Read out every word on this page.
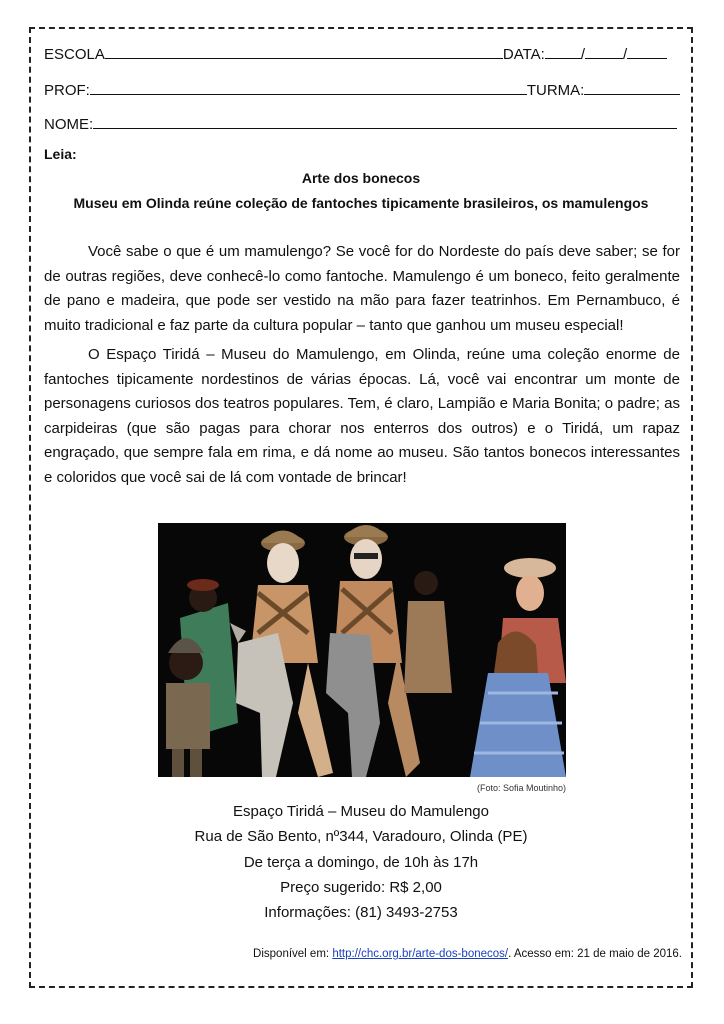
ESCOLA	DATA: /	/
PROF:	TURMA:
NOME:
Leia:
Arte dos bonecos
Museu em Olinda reúne coleção de fantoches tipicamente brasileiros, os mamulengos

Você sabe o que é um mamulengo? Se você for do Nordeste do país deve saber; se for de outras regiões, deve conhecê-lo como fantoche. Mamulengo é um boneco, feito geralmente de pano e madeira, que pode ser vestido na mão para fazer teatrinhos. Em Pernambuco, é muito tradicional e faz parte da cultura popular – tanto que ganhou um museu especial!

O Espaço Tiridá – Museu do Mamulengo, em Olinda, reúne uma coleção enorme de fantoches tipicamente nordestinos de várias épocas. Lá, você vai encontrar um monte de personagens curiosos dos teatros populares. Tem, é claro, Lampião e Maria Bonita; o padre; as carpideiras (que são pagas para chorar nos enterros dos outros) e o Tiridá, um rapaz engraçado, que sempre fala em rima, e dá nome ao museu. São tantos bonecos interessantes e coloridos que você sai de lá com vontade de brincar!

(Foto: Sofia Moutinho)
Espaço Tiridá – Museu do Mamulengo
Rua de São Bento, nº344, Varadouro, Olinda (PE)
De terça a domingo, de 10h às 17h
Preço sugerido: R$ 2,00
Informações: (81) 3493-2753
Disponível em: http://chc.org.br/arte-dos-bonecos/. Acesso em: 21 de maio de 2016.
